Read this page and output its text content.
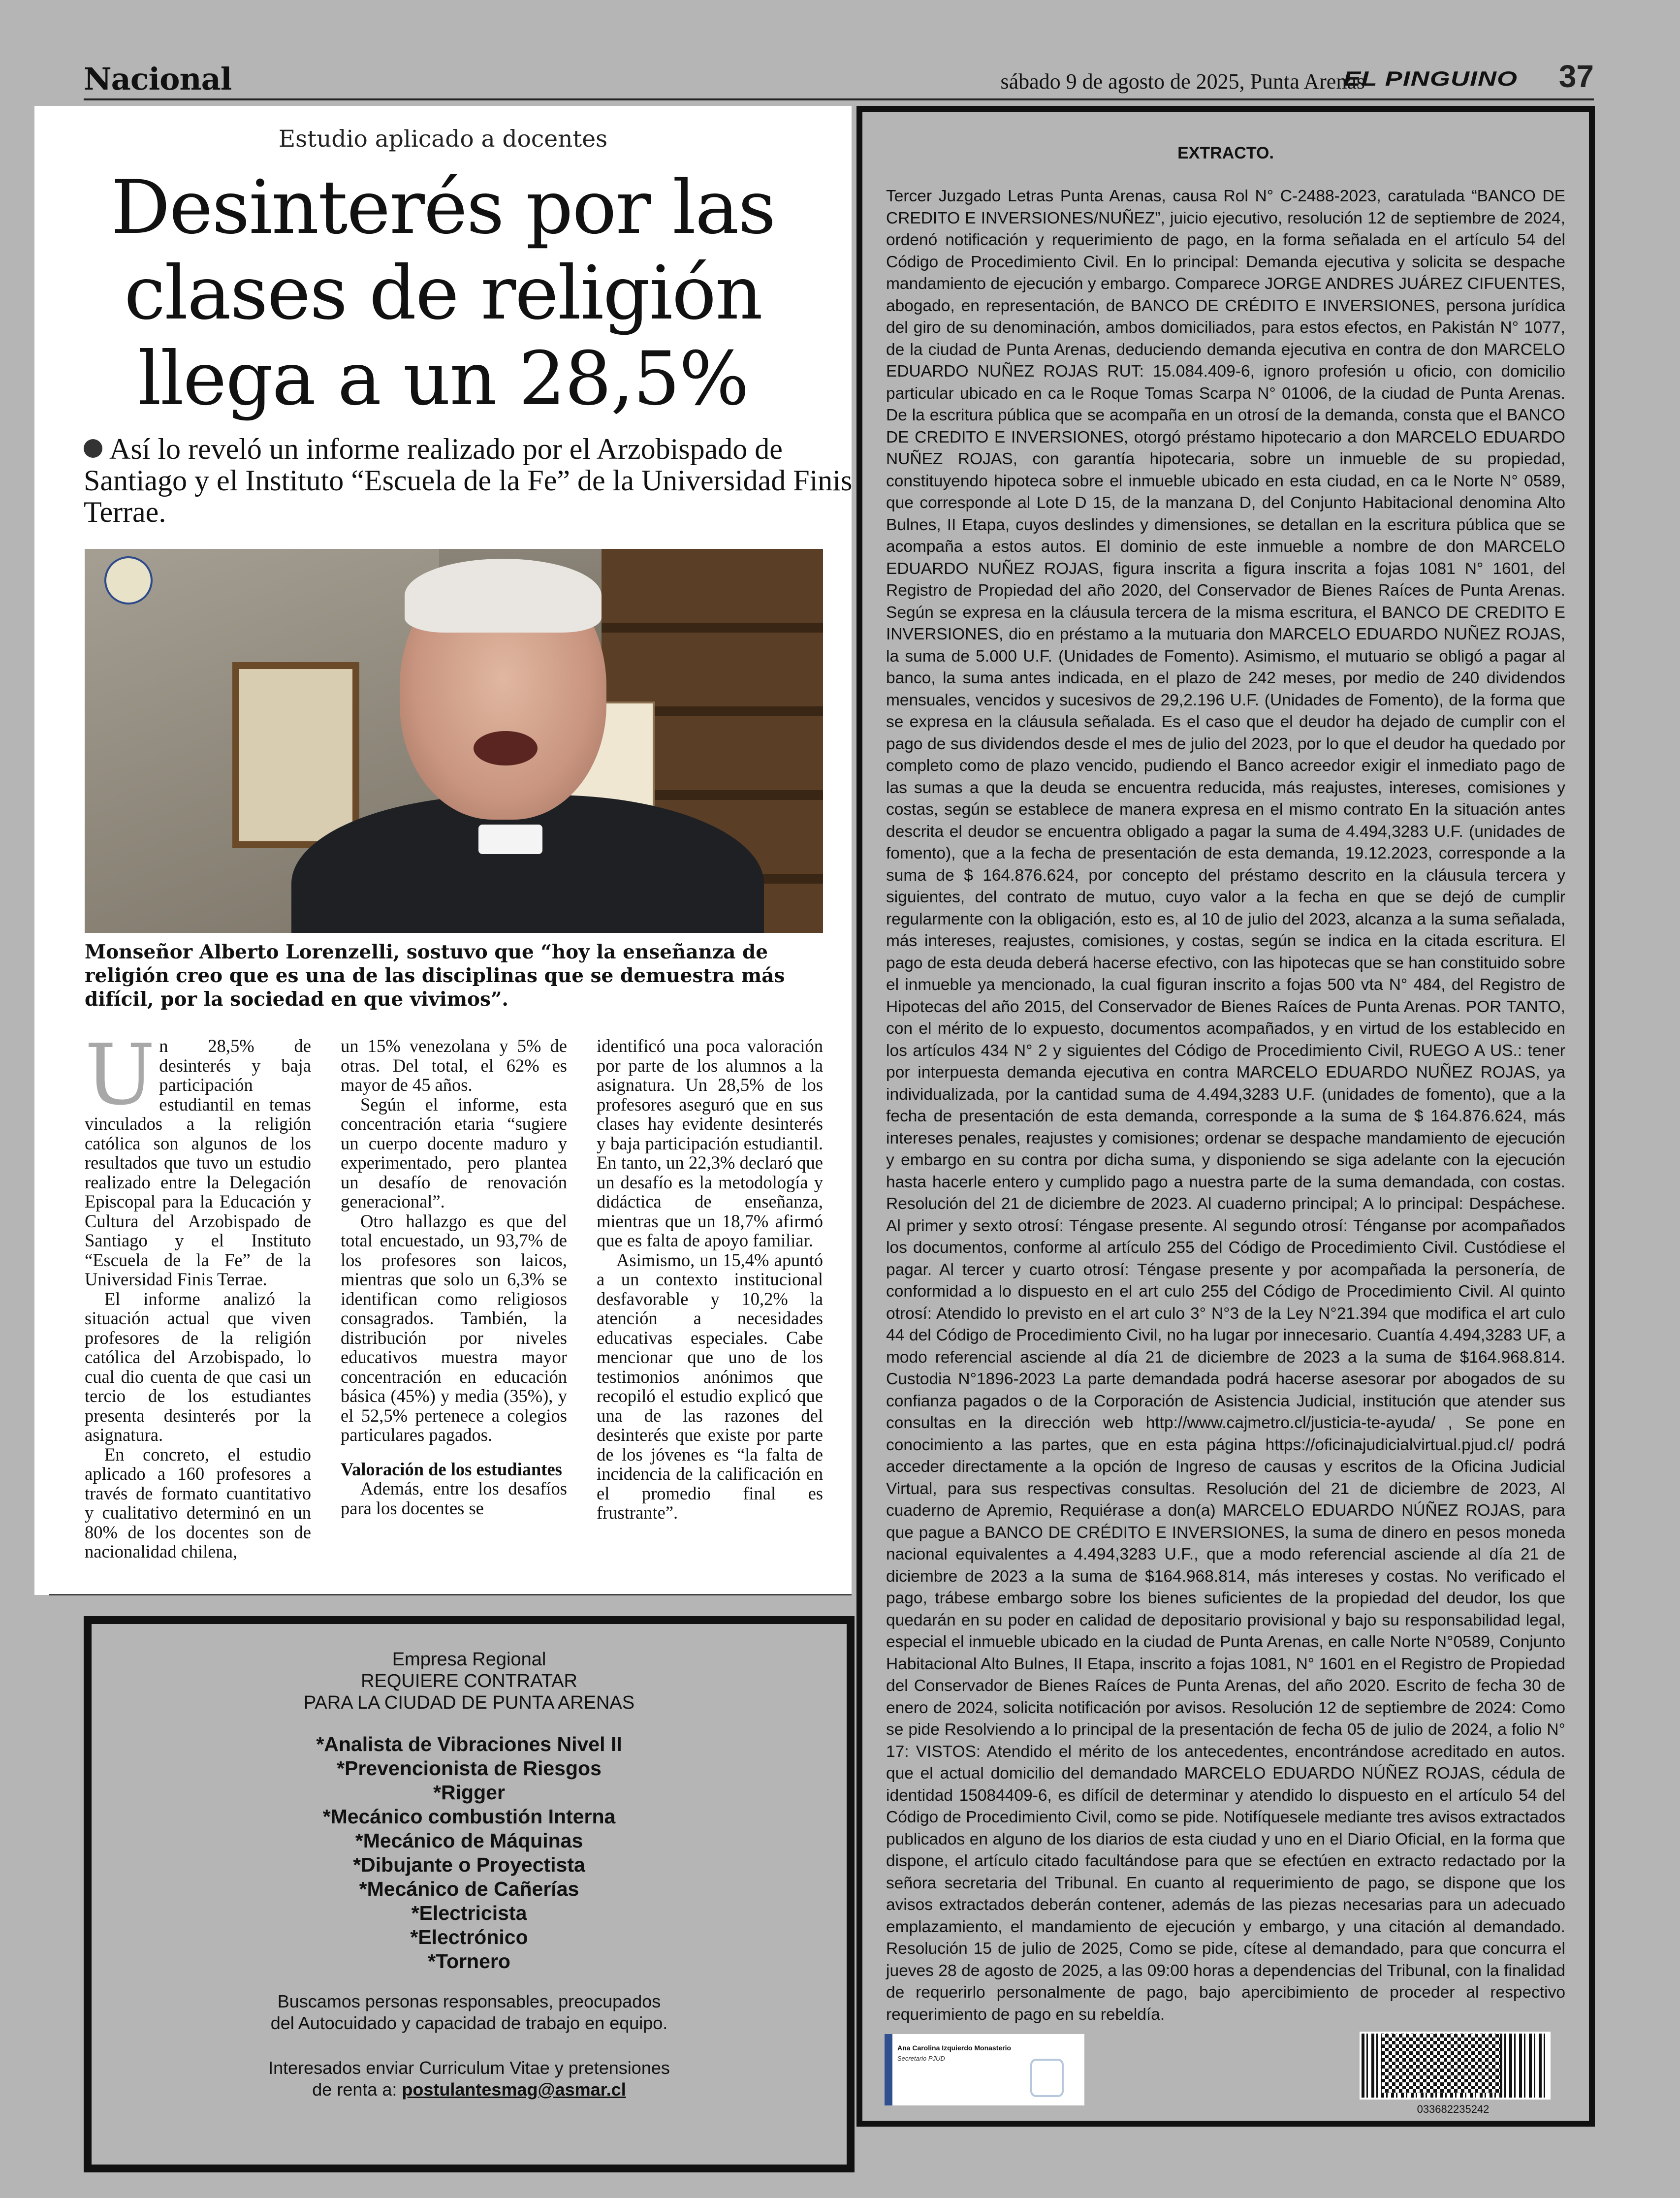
Nacional	sábado 9 de agosto de 2025, Punta Arenas
EL PINGUINO 37
Estudio aplicado a docentes
Desinterés por las clases de religión llega a un 28,5%
Así lo reveló un informe realizado por el Arzobispado de Santiago y el Instituto “Escuela de la Fe” de la Universidad Finis Terrae.
Monseñor Alberto Lorenzelli, sostuvo que “hoy la enseñanza de religión creo que es una de las disciplinas que se demuestra más difícil, por la sociedad en que vivimos”.

Un 28,5% de desinterés y baja participación estudiantil en temas vinculados a la religión católica son algunos de los resultados que tuvo un estudio realizado entre la Delegación Episcopal para la Educación y Cultura del Arzobispado de Santiago y el Instituto “Escuela de la Fe” de la Universidad Finis Terrae.

El informe analizó la situación actual que viven profesores de la religión católica del Arzobispado, lo cual dio cuenta de que casi un tercio de los estudiantes presenta desinterés por la asignatura.

En concreto, el estudio aplicado a 160 profesores a través de formato cuantitativo y cualitativo determinó en un 80% de los docentes son de nacionalidad chilena,

un 15% venezolana y 5% de otras. Del total, el 62% es mayor de 45 años.

Según el informe, esta concentración etaria “sugiere un cuerpo docente maduro y experimentado, pero plantea un desafío de renovación generacional”.

Otro hallazgo es que del total encuestado, un 93,7% de los profesores son laicos, mientras que solo un 6,3% se identifican como religiosos consagrados. También, la distribución por niveles educativos muestra mayor concentración en educación básica (45%) y media (35%), y el 52,5% pertenece a colegios particulares pagados.

Valoración de los estudiantes

Además, entre los desafíos para los docentes se

identificó una poca valoración por parte de los alumnos a la asignatura. Un 28,5% de los profesores aseguró que en sus clases hay evidente desinterés y baja participación estudiantil. En tanto, un 22,3% declaró que un desafío es la metodología y didáctica de enseñanza, mientras que un 18,7% afirmó que es falta de apoyo familiar.

Asimismo, un 15,4% apuntó a un contexto institucional desfavorable y 10,2% la atención a necesidades educativas especiales. Cabe mencionar que uno de los testimonios anónimos que recopiló el estudio explicó que una de las razones del desinterés que existe por parte de los jóvenes es “la falta de incidencia de la calificación en el promedio final es frustrante”.

Empresa Regional
REQUIERE CONTRATAR
PARA LA CIUDAD DE PUNTA ARENAS
*Analista de Vibraciones Nivel II
*Prevencionista de Riesgos
*Rigger
*Mecánico combustión Interna
*Mecánico de Máquinas
*Dibujante o Proyectista
*Mecánico de Cañerías
*Electricista
*Electrónico
*Tornero
Buscamos personas responsables, preocupados
del Autocuidado y capacidad de trabajo en equipo.
Interesados enviar Curriculum Vitae y pretensiones
de renta a: postulantesmag@asmar.cl
EXTRACTO.
Tercer Juzgado Letras Punta Arenas, causa Rol N° C-2488-2023, caratulada “BANCO DE CREDITO E INVERSIONES/NUÑEZ”, juicio ejecutivo, resolución 12 de septiembre de 2024, ordenó notificación y requerimiento de pago, en la forma señalada en el artículo 54 del Código de Procedimiento Civil. En lo principal: Demanda ejecutiva y solicita se despache mandamiento de ejecución y embargo. Comparece JORGE ANDRES JUÁREZ CIFUENTES, abogado, en representación, de BANCO DE CRÉDITO E INVERSIONES, persona jurídica del giro de su denominación, ambos domiciliados, para estos efectos, en Pakistán N° 1077, de la ciudad de Punta Arenas, deduciendo demanda ejecutiva en contra de don MARCELO EDUARDO NUÑEZ ROJAS RUT: 15.084.409-6, ignoro profesión u oficio, con domicilio particular ubicado en ca le Roque Tomas Scarpa N° 01006, de la ciudad de Punta Arenas. De la escritura pública que se acompaña en un otrosí de la demanda, consta que el BANCO DE CREDITO E INVERSIONES, otorgó préstamo hipotecario a don MARCELO EDUARDO NUÑEZ ROJAS, con garantía hipotecaria, sobre un inmueble de su propiedad, constituyendo hipoteca sobre el inmueble ubicado en esta ciudad, en ca le Norte N° 0589, que corresponde al Lote D 15, de la manzana D, del Conjunto Habitacional denomina Alto Bulnes, II Etapa, cuyos deslindes y dimensiones, se detallan en la escritura pública que se acompaña a estos autos. El dominio de este inmueble a nombre de don MARCELO EDUARDO NUÑEZ ROJAS, figura inscrita a figura inscrita a fojas 1081 N° 1601, del Registro de Propiedad del año 2020, del Conservador de Bienes Raíces de Punta Arenas. Según se expresa en la cláusula tercera de la misma escritura, el BANCO DE CREDITO E INVERSIONES, dio en préstamo a la mutuaria don MARCELO EDUARDO NUÑEZ ROJAS, la suma de 5.000 U.F. (Unidades de Fomento). Asimismo, el mutuario se obligó a pagar al banco, la suma antes indicada, en el plazo de 242 meses, por medio de 240 dividendos mensuales, vencidos y sucesivos de 29,2.196 U.F. (Unidades de Fomento), de la forma que se expresa en la cláusula señalada. Es el caso que el deudor ha dejado de cumplir con el pago de sus dividendos desde el mes de julio del 2023, por lo que el deudor ha quedado por completo como de plazo vencido, pudiendo el Banco acreedor exigir el inmediato pago de las sumas a que la deuda se encuentra reducida, más reajustes, intereses, comisiones y costas, según se establece de manera expresa en el mismo contrato En la situación antes descrita el deudor se encuentra obligado a pagar la suma de 4.494,3283 U.F. (unidades de fomento), que a la fecha de presentación de esta demanda, 19.12.2023, corresponde a la suma de $ 164.876.624, por concepto del préstamo descrito en la cláusula tercera y siguientes, del contrato de mutuo, cuyo valor a la fecha en que se dejó de cumplir regularmente con la obligación, esto es, al 10 de julio del 2023, alcanza a la suma señalada, más intereses, reajustes, comisiones, y costas, según se indica en la citada escritura. El pago de esta deuda deberá hacerse efectivo, con las hipotecas que se han constituido sobre el inmueble ya mencionado, la cual figuran inscrito a fojas 500 vta N° 484, del Registro de Hipotecas del año 2015, del Conservador de Bienes Raíces de Punta Arenas. POR TANTO, con el mérito de lo expuesto, documentos acompañados, y en virtud de los establecido en los artículos 434 N° 2 y siguientes del Código de Procedimiento Civil, RUEGO A US.: tener por interpuesta demanda ejecutiva en contra MARCELO EDUARDO NUÑEZ ROJAS, ya individualizada, por la cantidad suma de 4.494,3283 U.F. (unidades de fomento), que a la fecha de presentación de esta demanda, corresponde a la suma de $ 164.876.624, más intereses penales, reajustes y comisiones; ordenar se despache mandamiento de ejecución y embargo en su contra por dicha suma, y disponiendo se siga adelante con la ejecución hasta hacerle entero y cumplido pago a nuestra parte de la suma demandada, con costas. Resolución del 21 de diciembre de 2023. Al cuaderno principal; A lo principal: Despáchese. Al primer y sexto otrosí: Téngase presente. Al segundo otrosí: Ténganse por acompañados los documentos, conforme al artículo 255 del Código de Procedimiento Civil. Custódiese el pagar. Al tercer y cuarto otrosí: Téngase presente y por acompañada la personería, de conformidad a lo dispuesto en el art culo 255 del Código de Procedimiento Civil. Al quinto otrosí: Atendido lo previsto en el art culo 3° N°3 de la Ley N°21.394 que modifica el art culo 44 del Código de Procedimiento Civil, no ha lugar por innecesario. Cuantía 4.494,3283 UF, a modo referencial asciende al día 21 de diciembre de 2023 a la suma de $164.968.814. Custodia N°1896-2023 La parte demandada podrá hacerse asesorar por abogados de su confianza pagados o de la Corporación de Asistencia Judicial, institución que atender sus consultas en la dirección web http://www.cajmetro.cl/justicia-te-ayuda/ , Se pone en conocimiento a las partes, que en esta página https://oficinajudicialvirtual.pjud.cl/ podrá acceder directamente a la opción de Ingreso de causas y escritos de la Oficina Judicial Virtual, para sus respectivas consultas. Resolución del 21 de diciembre de 2023, Al cuaderno de Apremio, Requiérase a don(a) MARCELO EDUARDO NÚÑEZ ROJAS, para que pague a BANCO DE CRÉDITO E INVERSIONES, la suma de dinero en pesos moneda nacional equivalentes a 4.494,3283 U.F., que a modo referencial asciende al día 21 de diciembre de 2023 a la suma de $164.968.814, más intereses y costas. No verificado el pago, trábese embargo sobre los bienes suficientes de la propiedad del deudor, los que quedarán en su poder en calidad de depositario provisional y bajo su responsabilidad legal, especial el inmueble ubicado en la ciudad de Punta Arenas, en calle Norte N°0589, Conjunto Habitacional Alto Bulnes, II Etapa, inscrito a fojas 1081, N° 1601 en el Registro de Propiedad del Conservador de Bienes Raíces de Punta Arenas, del año 2020. Escrito de fecha 30 de enero de 2024, solicita notificación por avisos. Resolución 12 de septiembre de 2024: Como se pide Resolviendo a lo principal de la presentación de fecha 05 de julio de 2024, a folio N° 17: VISTOS: Atendido el mérito de los antecedentes, encontrándose acreditado en autos. que el actual domicilio del demandado MARCELO EDUARDO NÚÑEZ ROJAS, cédula de identidad 15084409-6, es difícil de determinar y atendido lo dispuesto en el artículo 54 del Código de Procedimiento Civil, como se pide. Notifíquesele mediante tres avisos extractados publicados en alguno de los diarios de esta ciudad y uno en el Diario Oficial, en la forma que dispone, el artículo citado facultándose para que se efectúen en extracto redactado por la señora secretaria del Tribunal. En cuanto al requerimiento de pago, se dispone que los avisos extractados deberán contener, además de las piezas necesarias para un adecuado emplazamiento, el mandamiento de ejecución y embargo, y una citación al demandado. Resolución 15 de julio de 2025, Como se pide, cítese al demandado, para que concurra el jueves 28 de agosto de 2025, a las 09:00 horas a dependencias del Tribunal, con la finalidad de requerirlo personalmente de pago, bajo apercibimiento de proceder al respectivo requerimiento de pago en su rebeldía.
Ana Carolina Izquierdo Monasterio
Secretario PJUD
033682235242
